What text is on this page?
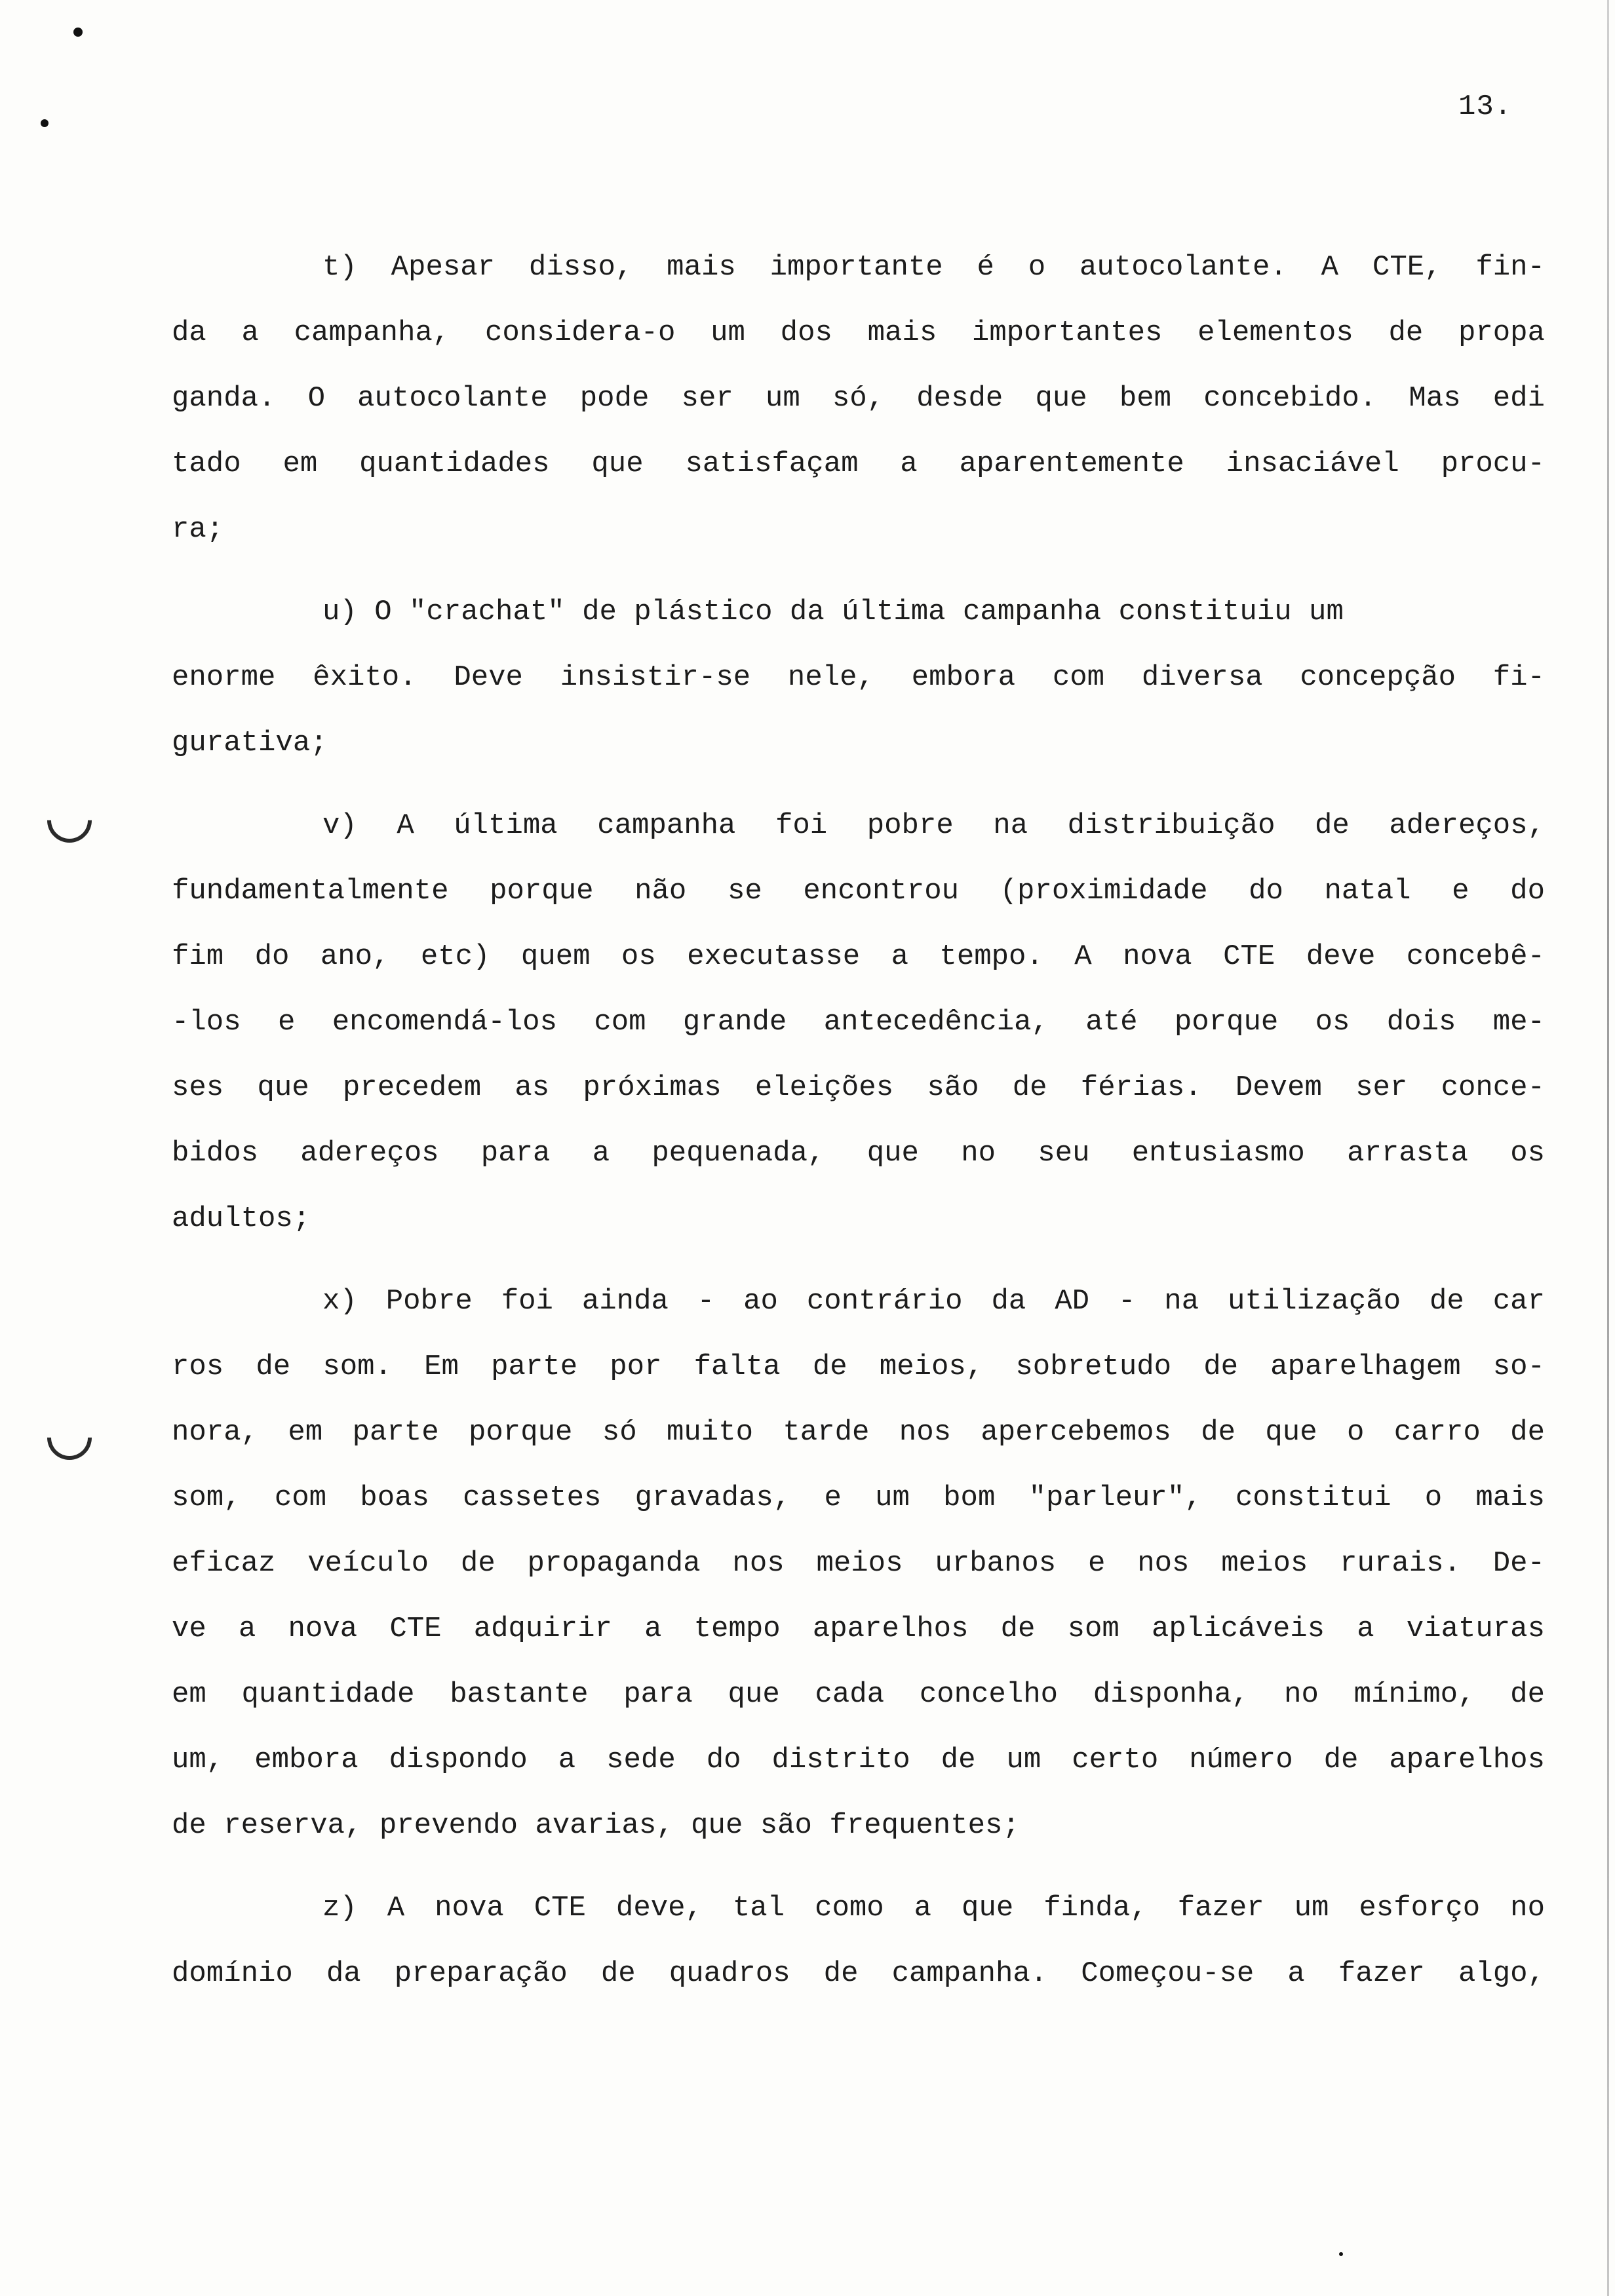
13.
t) Apesar disso, mais importante é o autocolante. A CTE, fin-
da a campanha, considera-o um dos mais importantes elementos de propa
ganda. O autocolante pode ser um só, desde que bem concebido. Mas edi
tado em quantidades que satisfaçam a aparentemente insaciável procu-
ra;
u) O "crachat" de plástico da última campanha constituiu um
enorme êxito. Deve insistir-se nele, embora com diversa concepção fi-
gurativa;
v) A última campanha foi pobre na distribuição de adereços,
fundamentalmente porque não se encontrou (proximidade do natal e do
fim do ano, etc) quem os executasse a tempo. A nova CTE deve concebê-
-los e encomendá-los com grande antecedência, até porque os dois me-
ses que precedem as próximas eleições são de férias. Devem ser conce-
bidos adereços para a pequenada, que no seu entusiasmo arrasta os
adultos;
x) Pobre foi ainda - ao contrário da AD - na utilização de car
ros de som. Em parte por falta de meios, sobretudo de aparelhagem so-
nora, em parte porque só muito tarde nos apercebemos de que o carro de
som, com boas cassetes gravadas, e um bom "parleur", constitui o mais
eficaz veículo de propaganda nos meios urbanos e nos meios rurais. De-
ve a nova CTE adquirir a tempo aparelhos de som aplicáveis a viaturas
em quantidade bastante para que cada concelho disponha, no mínimo, de
um, embora dispondo a sede do distrito de um certo número de aparelhos
de reserva, prevendo avarias, que são frequentes;
z) A nova CTE deve, tal como a que finda, fazer um esforço no
domínio da preparação de quadros de campanha. Começou-se a fazer algo,
